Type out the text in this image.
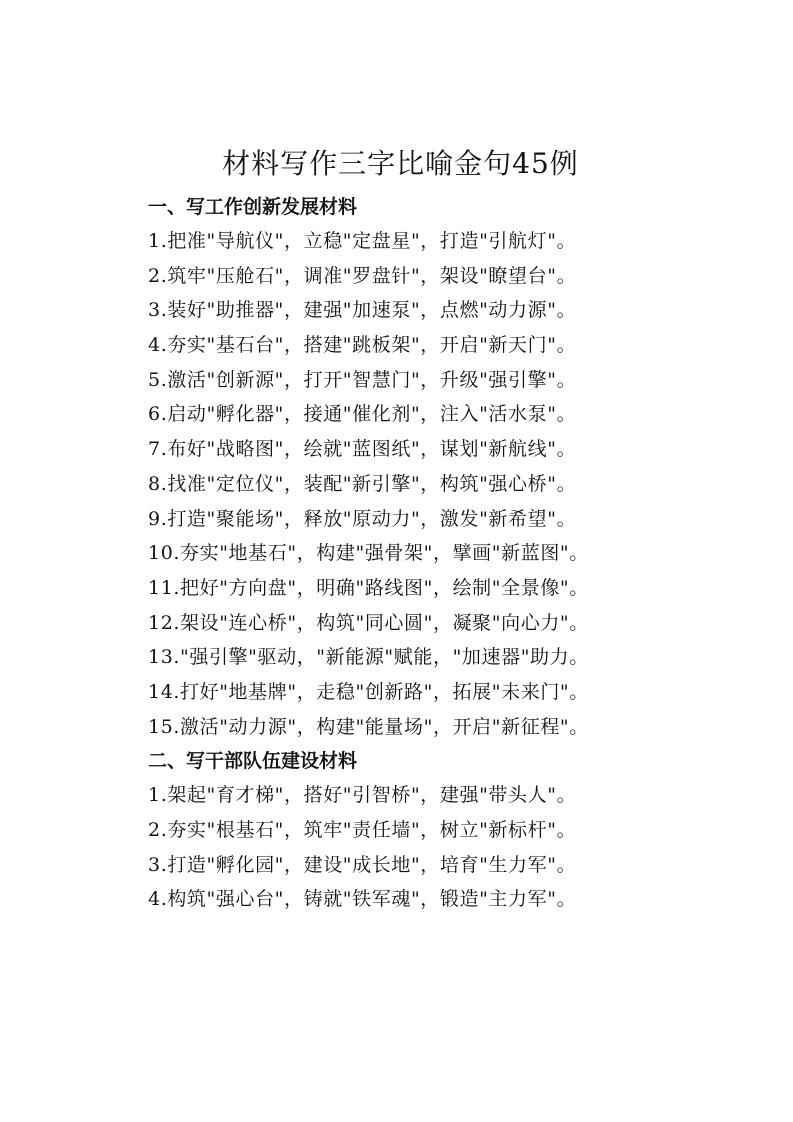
材料写作三字比喻金句45例
一、写工作创新发展材料
1.把准"导航仪"，立稳"定盘星"，打造"引航灯"。
2.筑牢"压舱石"，调准"罗盘针"，架设"瞭望台"。
3.装好"助推器"，建强"加速泵"，点燃"动力源"。
4.夯实"基石台"，搭建"跳板架"，开启"新天门"。
5.激活"创新源"，打开"智慧门"，升级"强引擎"。
6.启动"孵化器"，接通"催化剂"，注入"活水泵"。
7.布好"战略图"，绘就"蓝图纸"，谋划"新航线"。
8.找准"定位仪"，装配"新引擎"，构筑"强心桥"。
9.打造"聚能场"，释放"原动力"，激发"新希望"。
10.夯实"地基石"，构建"强骨架"，擘画"新蓝图"。
11.把好"方向盘"，明确"路线图"，绘制"全景像"。
12.架设"连心桥"，构筑"同心圆"，凝聚"向心力"。
13."强引擎"驱动，"新能源"赋能，"加速器"助力。
14.打好"地基牌"，走稳"创新路"，拓展"未来门"。
15.激活"动力源"，构建"能量场"，开启"新征程"。
二、写干部队伍建设材料
1.架起"育才梯"，搭好"引智桥"，建强"带头人"。
2.夯实"根基石"，筑牢"责任墙"，树立"新标杆"。
3.打造"孵化园"，建设"成长地"，培育"生力军"。
4.构筑"强心台"，铸就"铁军魂"，锻造"主力军"。
